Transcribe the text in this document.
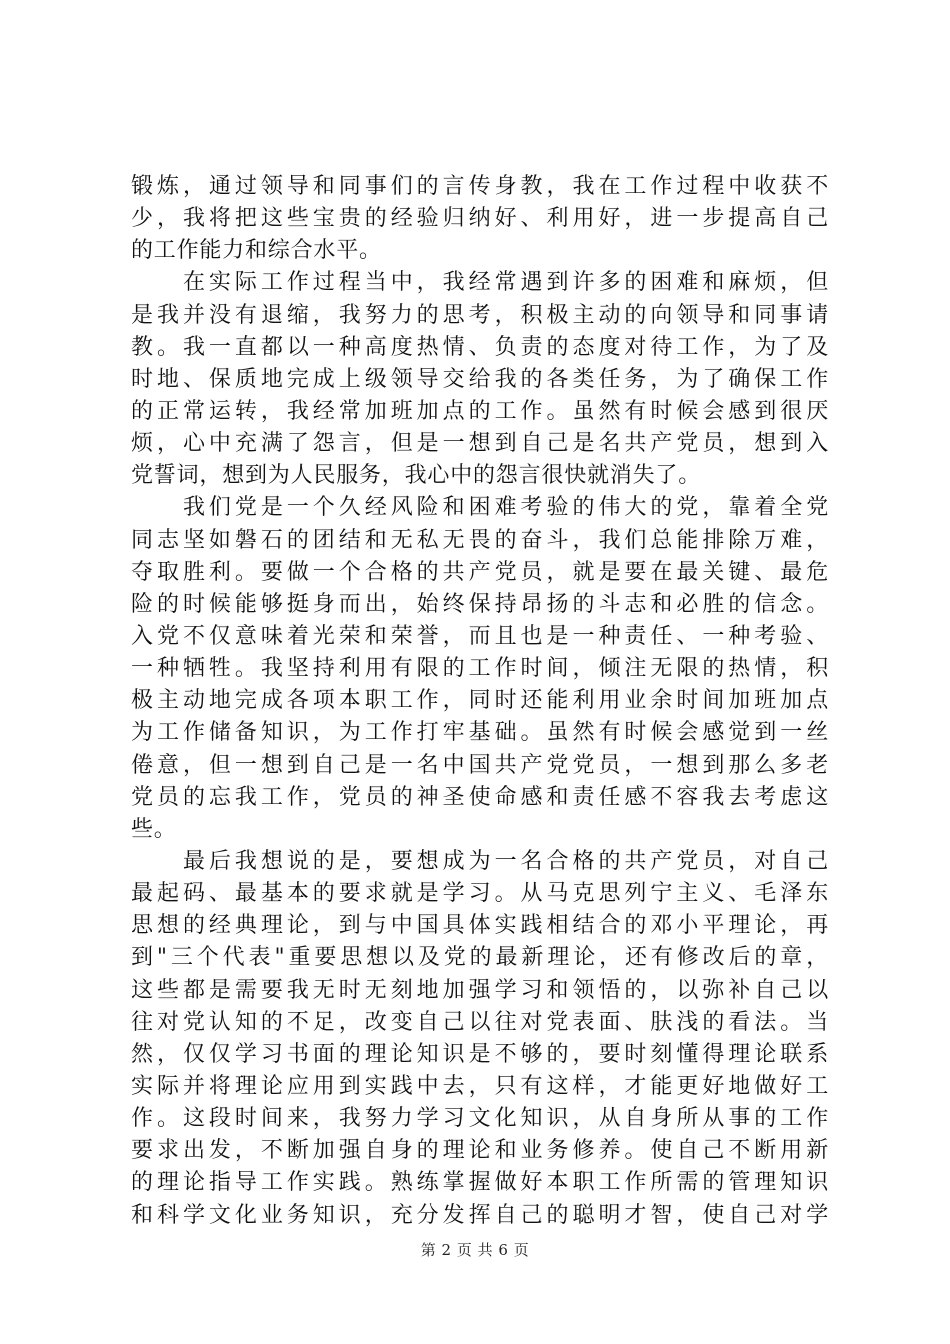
锻炼，通过领导和同事们的言传身教，我在工作过程中收获不
少，我将把这些宝贵的经验归纳好、利用好，进一步提高自己
的工作能力和综合水平。
　　在实际工作过程当中，我经常遇到许多的困难和麻烦，但
是我并没有退缩，我努力的思考，积极主动的向领导和同事请
教。我一直都以一种高度热情、负责的态度对待工作，为了及
时地、保质地完成上级领导交给我的各类任务，为了确保工作
的正常运转，我经常加班加点的工作。虽然有时候会感到很厌
烦，心中充满了怨言，但是一想到自己是名共产党员，想到入
党誓词，想到为人民服务，我心中的怨言很快就消失了。
　　我们党是一个久经风险和困难考验的伟大的党，靠着全党
同志坚如磐石的团结和无私无畏的奋斗，我们总能排除万难，
夺取胜利。要做一个合格的共产党员，就是要在最关键、最危
险的时候能够挺身而出，始终保持昂扬的斗志和必胜的信念。
入党不仅意味着光荣和荣誉，而且也是一种责任、一种考验、
一种牺牲。我坚持利用有限的工作时间，倾注无限的热情，积
极主动地完成各项本职工作，同时还能利用业余时间加班加点
为工作储备知识，为工作打牢基础。虽然有时候会感觉到一丝
倦意，但一想到自己是一名中国共产党党员，一想到那么多老
党员的忘我工作，党员的神圣使命感和责任感不容我去考虑这
些。
　　最后我想说的是，要想成为一名合格的共产党员，对自己
最起码、最基本的要求就是学习。从马克思列宁主义、毛泽东
思想的经典理论，到与中国具体实践相结合的邓小平理论，再
到"三个代表"重要思想以及党的最新理论，还有修改后的章，
这些都是需要我无时无刻地加强学习和领悟的，以弥补自己以
往对党认知的不足，改变自己以往对党表面、肤浅的看法。当
然，仅仅学习书面的理论知识是不够的，要时刻懂得理论联系
实际并将理论应用到实践中去，只有这样，才能更好地做好工
作。这段时间来，我努力学习文化知识，从自身所从事的工作
要求出发，不断加强自身的理论和业务修养。使自己不断用新
的理论指导工作实践。熟练掌握做好本职工作所需的管理知识
和科学文化业务知识，充分发挥自己的聪明才智，使自己对学
第 2 页 共 6 页
